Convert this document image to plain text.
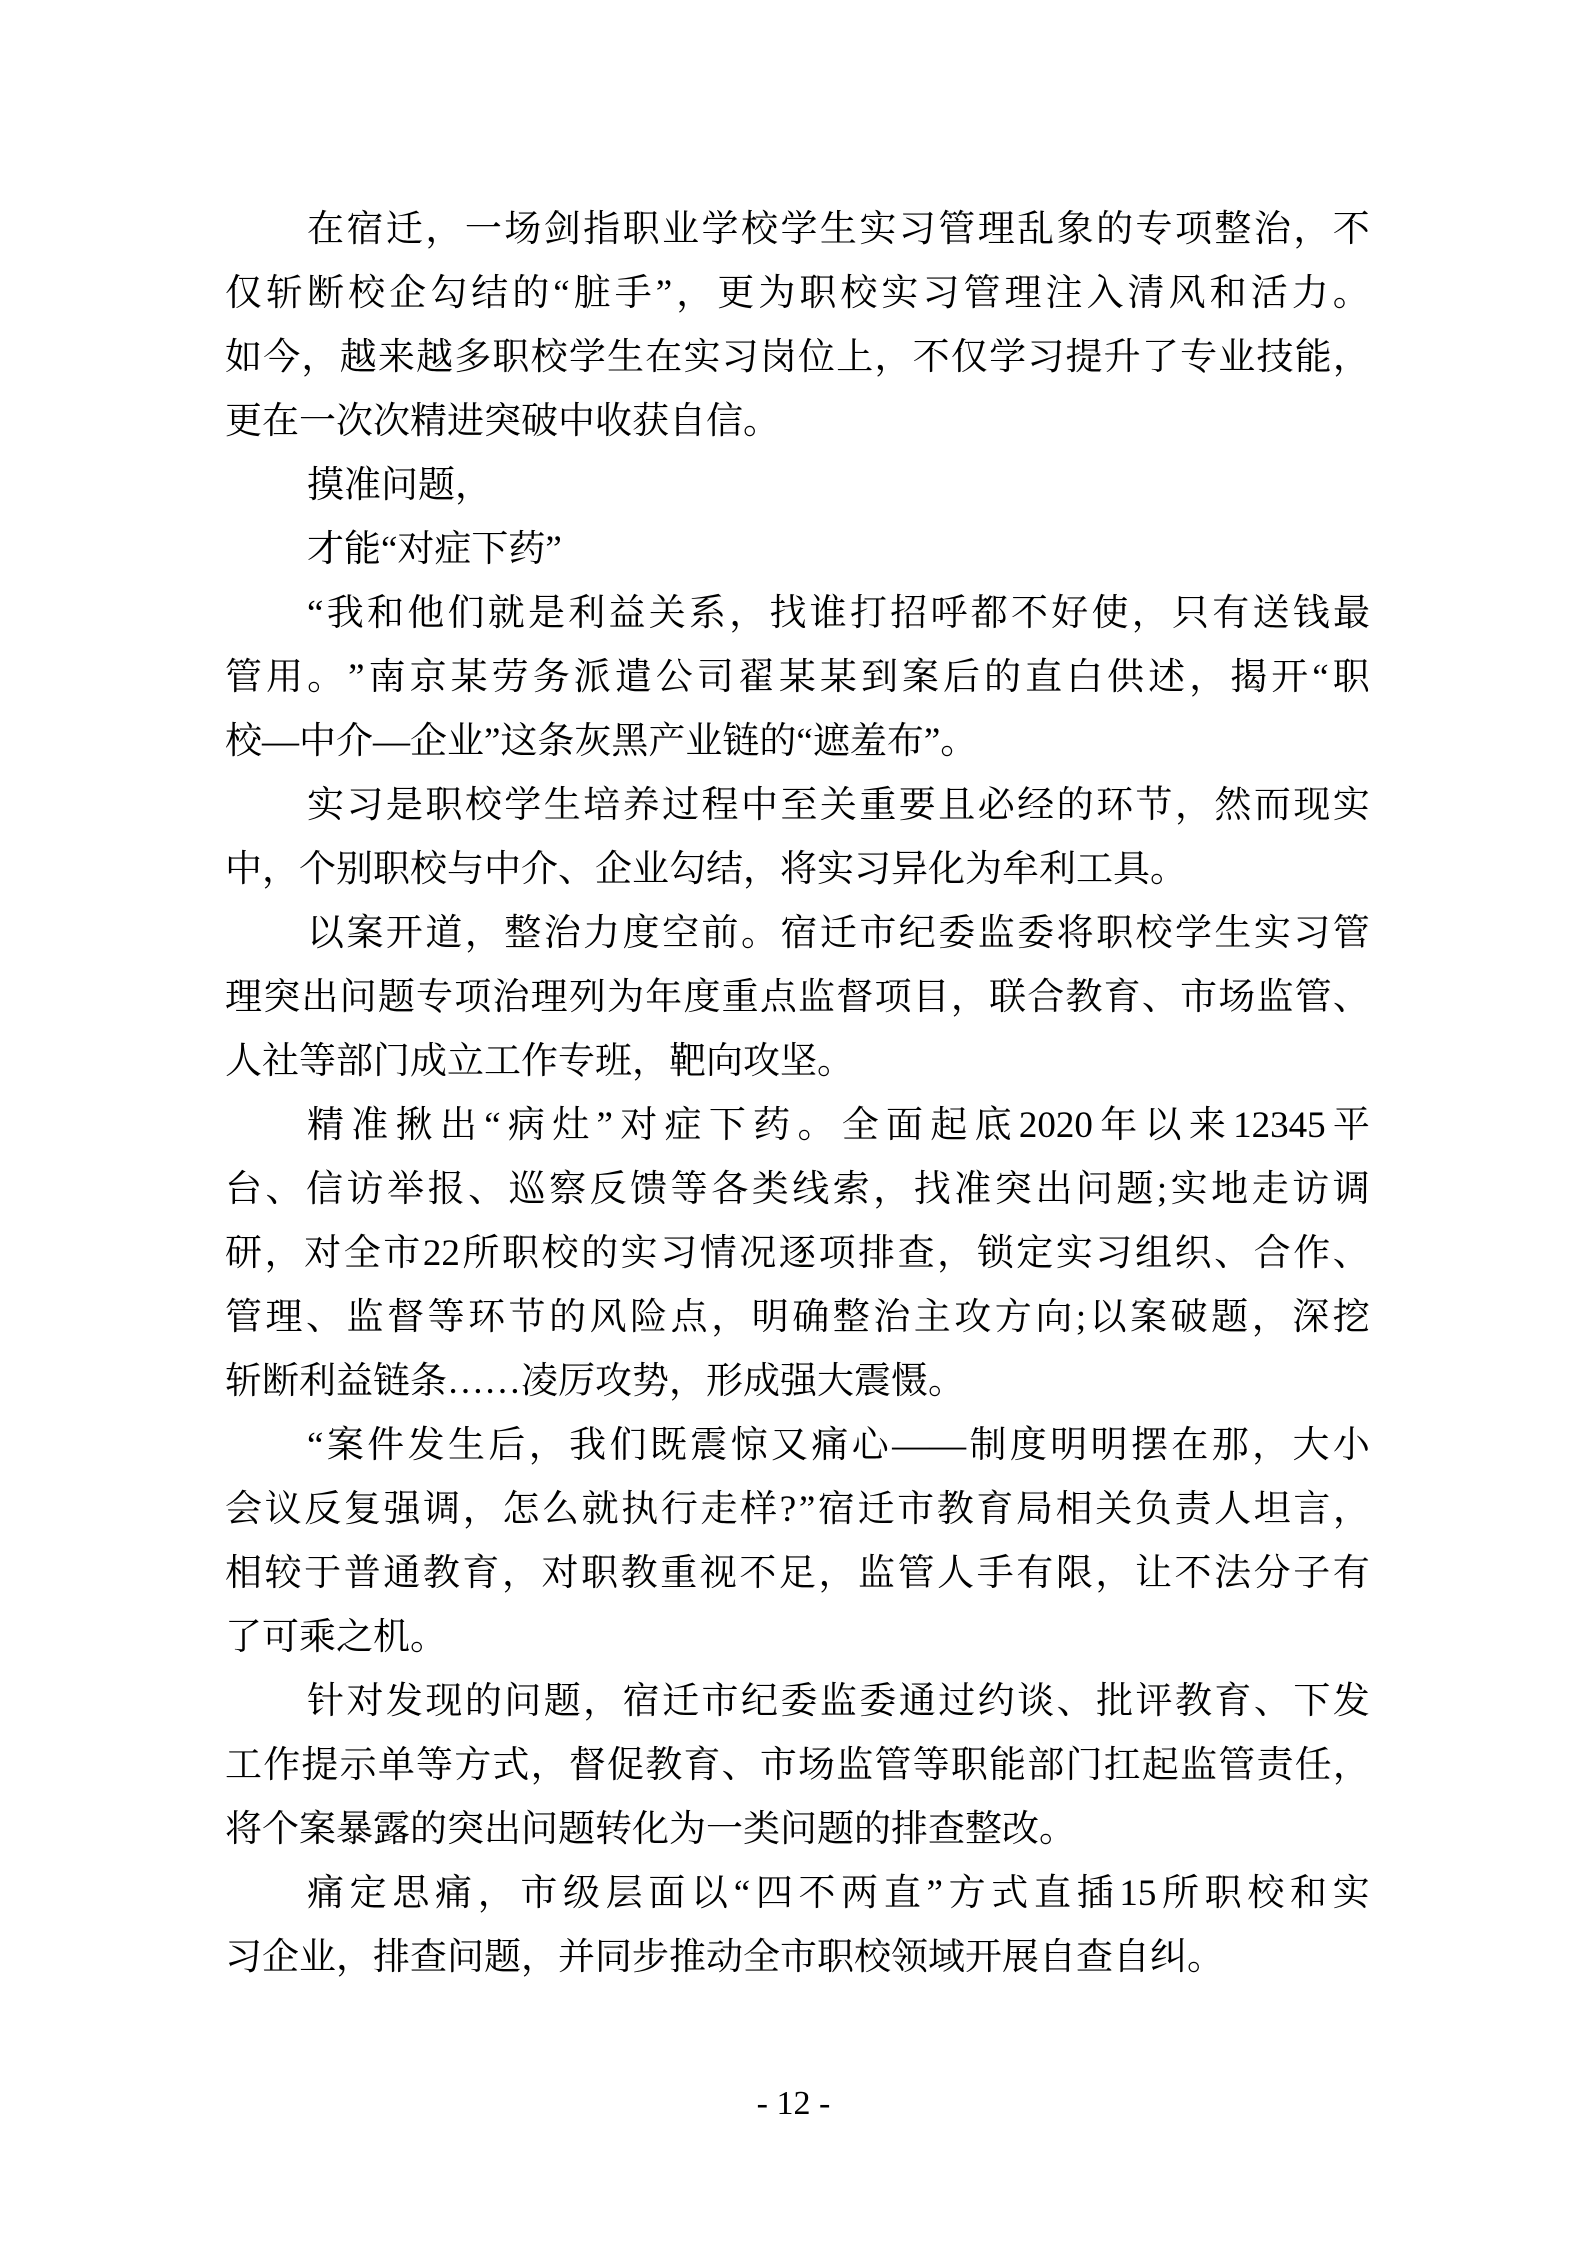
在 宿 迁 ， 一 场 剑 指 职 业 学 校 学 生 实 习 管 理 乱 象 的 专 项 整 治 ， 不
仅 斩 断 校 企 勾 结 的 “ 脏 手 ” ， 更 为 职 校 实 习 管 理 注 入 清 风 和 活 力 。
如 今 ， 越 来 越 多 职 校 学 生 在 实 习 岗 位 上 ， 不 仅 学 习 提 升 了 专 业 技 能 ，
更在一次次精进突破中收获自信。
摸准问题，
才能“对症下药”
“ 我 和 他 们 就 是 利 益 关 系 ， 找 谁 打 招 呼 都 不 好 使 ， 只 有 送 钱 最
管 用 。 ” 南 京 某 劳 务 派 遣 公 司 翟 某 某 到 案 后 的 直 白 供 述 ， 揭 开 “ 职
校—中介—企业”这条灰黑产业链的“遮羞布”。
实 习 是 职 校 学 生 培 养 过 程 中 至 关 重 要 且 必 经 的 环 节 ， 然 而 现 实
中，个别职校与中介、企业勾结，将实习异化为牟利工具。
以 案 开 道 ， 整 治 力 度 空 前 。 宿 迁 市 纪 委 监 委 将 职 校 学 生 实 习 管
理 突 出 问 题 专 项 治 理 列 为 年 度 重 点 监 督 项 目 ， 联 合 教 育 、 市 场 监 管 、
人社等部门成立工作专班，靶向攻坚。
精 准 揪 出 “ 病 灶 ” 对 症 下 药 。 全 面 起 底 2020 年 以 来 12345 平
台 、 信 访 举 报 、 巡 察 反 馈 等 各 类 线 索 ， 找 准 突 出 问 题 ; 实 地 走 访 调
研 ， 对 全 市 22 所 职 校 的 实 习 情 况 逐 项 排 查 ， 锁 定 实 习 组 织 、 合 作 、
管 理 、 监 督 等 环 节 的 风 险 点 ， 明 确 整 治 主 攻 方 向 ; 以 案 破 题 ， 深 挖
斩断利益链条……凌厉攻势，形成强大震慑。
“ 案 件 发 生 后 ， 我 们 既 震 惊 又 痛 心 —— 制 度 明 明 摆 在 那 ， 大 小
会 议 反 复 强 调 ， 怎 么 就 执 行 走 样 ? ” 宿 迁 市 教 育 局 相 关 负 责 人 坦 言 ，
相 较 于 普 通 教 育 ， 对 职 教 重 视 不 足 ， 监 管 人 手 有 限 ， 让 不 法 分 子 有
了可乘之机。
针 对 发 现 的 问 题 ， 宿 迁 市 纪 委 监 委 通 过 约 谈 、 批 评 教 育 、 下 发
工 作 提 示 单 等 方 式 ， 督 促 教 育 、 市 场 监 管 等 职 能 部 门 扛 起 监 管 责 任 ，
将个案暴露的突出问题转化为一类问题的排查整改。
痛 定 思 痛 ， 市 级 层 面 以 “ 四 不 两 直 ” 方 式 直 插 15 所 职 校 和 实
习企业，排查问题，并同步推动全市职校领域开展自查自纠。
- 12 -
